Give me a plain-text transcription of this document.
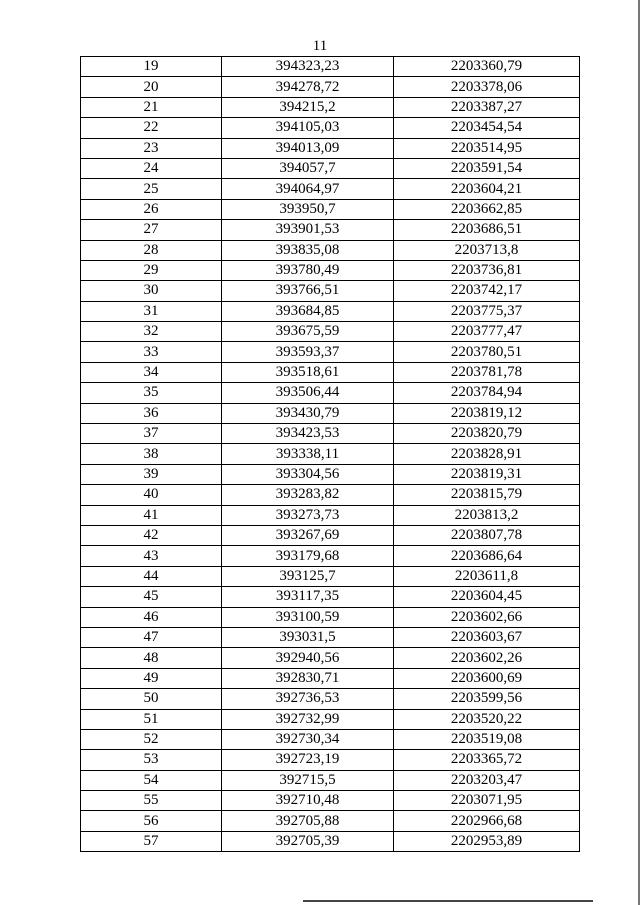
11
19	394323,23	2203360,79
20	394278,72	2203378,06
21	394215,2	2203387,27
22	394105,03	2203454,54
23	394013,09	2203514,95
24	394057,7	2203591,54
25	394064,97	2203604,21
26	393950,7	2203662,85
27	393901,53	2203686,51
28	393835,08	2203713,8
29	393780,49	2203736,81
30	393766,51	2203742,17
31	393684,85	2203775,37
32	393675,59	2203777,47
33	393593,37	2203780,51
34	393518,61	2203781,78
35	393506,44	2203784,94
36	393430,79	2203819,12
37	393423,53	2203820,79
38	393338,11	2203828,91
39	393304,56	2203819,31
40	393283,82	2203815,79
41	393273,73	2203813,2
42	393267,69	2203807,78
43	393179,68	2203686,64
44	393125,7	2203611,8
45	393117,35	2203604,45
46	393100,59	2203602,66
47	393031,5	2203603,67
48	392940,56	2203602,26
49	392830,71	2203600,69
50	392736,53	2203599,56
51	392732,99	2203520,22
52	392730,34	2203519,08
53	392723,19	2203365,72
54	392715,5	2203203,47
55	392710,48	2203071,95
56	392705,88	2202966,68
57	392705,39	2202953,89
